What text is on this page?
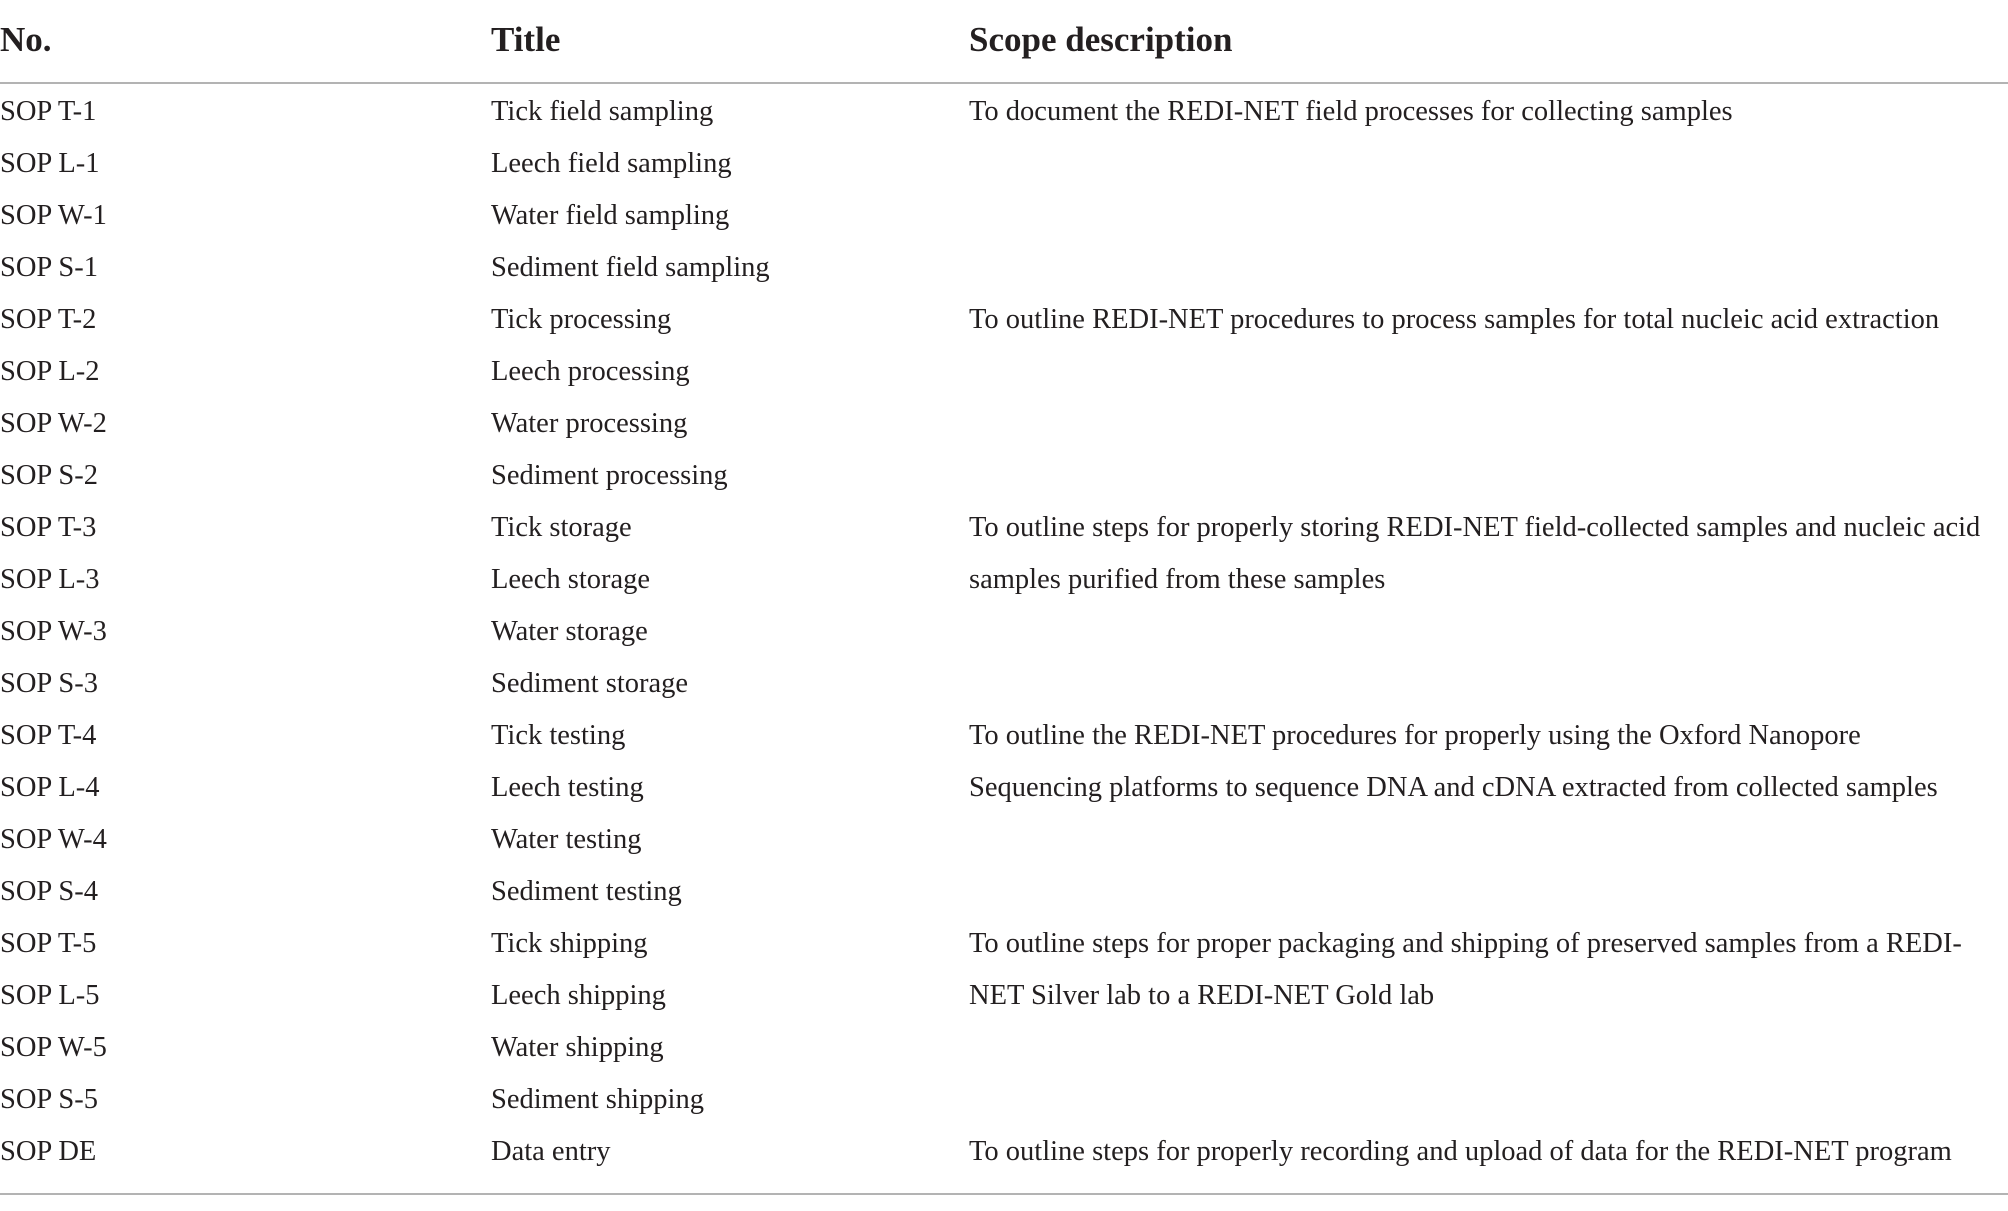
No.	Title	Scope description
SOP T-1	Tick field sampling	To document the REDI-NET field processes for collecting samples
SOP L-1	Leech field sampling
SOP W-1	Water field sampling
SOP S-1	Sediment field sampling
SOP T-2	Tick processing	To outline REDI-NET procedures to process samples for total nucleic acid extraction
SOP L-2	Leech processing
SOP W-2	Water processing
SOP S-2	Sediment processing
SOP T-3	Tick storage	To outline steps for properly storing REDI-NET field-collected samples and nucleic acid
samples purified from these samples
SOP L-3	Leech storage
SOP W-3	Water storage
SOP S-3	Sediment storage
SOP T-4	Tick testing	To outline the REDI-NET procedures for properly using the Oxford Nanopore
Sequencing platforms to sequence DNA and cDNA extracted from collected samples
SOP L-4	Leech testing
SOP W-4	Water testing
SOP S-4	Sediment testing
SOP T-5	Tick shipping	To outline steps for proper packaging and shipping of preserved samples from a REDI-
NET Silver lab to a REDI-NET Gold lab
SOP L-5	Leech shipping
SOP W-5	Water shipping
SOP S-5	Sediment shipping
SOP DE	Data entry	To outline steps for properly recording and upload of data for the REDI-NET program
